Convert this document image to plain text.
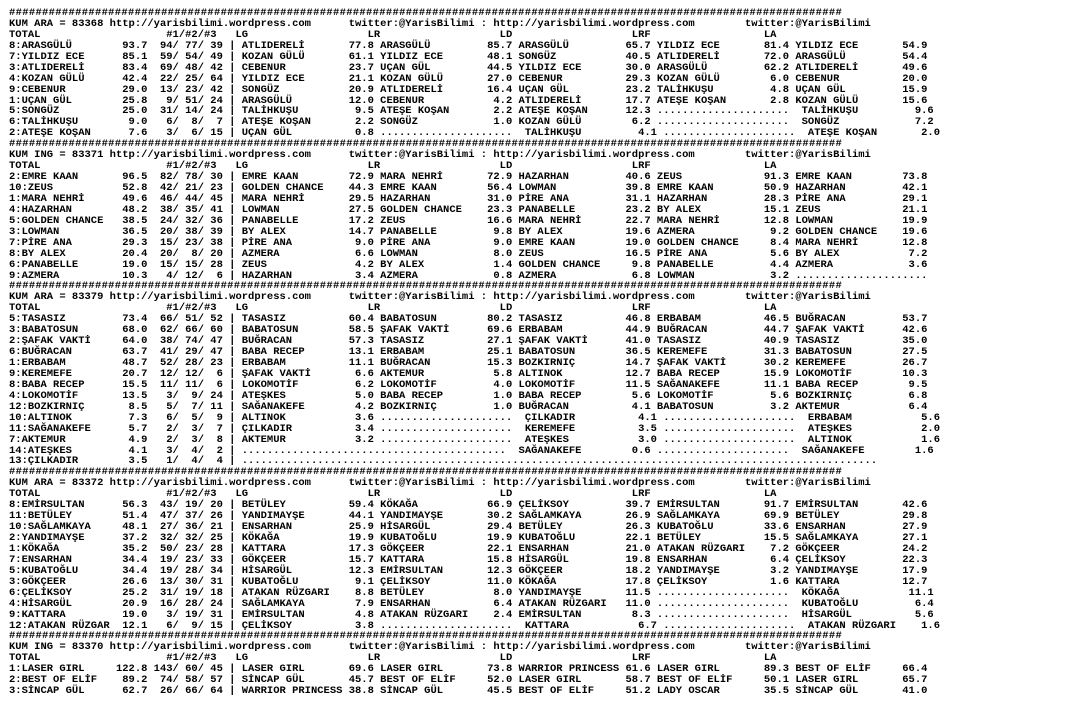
##############################################################################################################################
KUM ARA = 83368 http://yarisbilimi.wordpress.com      twitter:@YarisBilimi : http://yarisbilimi.wordpress.com        twitter:@YarisBilimi
TOTAL                    #1/#2/#3   LG                   LR                   LD                   LRF                  LA
8:ARASGÜLÜ        93.7  94/ 77/ 39 | ATLIDERELİ       77.8 ARASGÜLÜ         85.7 ARASGÜLÜ         65.7 YILDIZ ECE       81.4 YILDIZ ECE       54.9
7:YILDIZ ECE      85.1  59/ 54/ 49 | KOZAN GÜLÜ       61.1 YILDIZ ECE       48.1 SONGÜZ           40.5 ATLIDERELİ       72.0 ARASGÜLÜ         54.4
3:ATLIDERELİ      83.4  69/ 48/ 42 | CEBENUR          23.7 UÇAN GÜL         44.5 YILDIZ ECE       30.0 ARASGÜLÜ         62.2 ATLIDERELİ       49.6
4:KOZAN GÜLÜ      42.4  22/ 25/ 64 | YILDIZ ECE       21.1 KOZAN GÜLÜ       27.0 CEBENUR          29.3 KOZAN GÜLÜ        6.0 CEBENUR          20.0
9:CEBENUR         29.0  13/ 23/ 42 | SONGÜZ           20.9 ATLIDERELİ       16.4 UÇAN GÜL         23.2 TALİHKUŞU         4.8 UÇAN GÜL         15.9
1:UÇAN GÜL        25.8   9/ 51/ 24 | ARASGÜLÜ         12.0 CEBENUR           4.2 ATLIDERELİ       17.7 ATEŞE KOŞAN       2.8 KOZAN GÜLÜ       15.6
5:SONGÜZ          25.0  31/ 14/ 24 | TALİHKUŞU         9.5 ATEŞE KOŞAN       2.2 ATEŞE KOŞAN      12.3 .....................  TALİHKUŞU         9.6
6:TALİHKUŞU        9.0   6/  8/  7 | ATEŞE KOŞAN       2.2 SONGÜZ            1.0 KOZAN GÜLÜ        6.2 .....................  SONGÜZ            7.2
2:ATEŞE KOŞAN      7.6   3/  6/ 15 | UÇAN GÜL          0.8 .....................  TALİHKUŞU         4.1 .....................  ATEŞE KOŞAN       2.0
##############################################################################################################################
KUM ING = 83371 http://yarisbilimi.wordpress.com      twitter:@YarisBilimi : http://yarisbilimi.wordpress.com        twitter:@YarisBilimi
TOTAL                    #1/#2/#3   LG                   LR                   LD                   LRF                  LA
2:EMRE KAAN       96.5  82/ 78/ 30 | EMRE KAAN        72.9 MARA NEHRİ       72.9 HAZARHAN         40.6 ZEUS             91.3 EMRE KAAN        73.8
10:ZEUS           52.8  42/ 21/ 23 | GOLDEN CHANCE    44.3 EMRE KAAN        56.4 LOWMAN           39.8 EMRE KAAN        50.9 HAZARHAN         42.1
1:MARA NEHRİ      49.6  46/ 44/ 45 | MARA NEHRİ       29.5 HAZARHAN         31.0 PİRE ANA         31.1 HAZARHAN         28.3 PİRE ANA         29.1
4:HAZARHAN        48.2  38/ 35/ 41 | LOWMAN           27.5 GOLDEN CHANCE    23.3 PANABELLE        23.2 BY ALEX          15.1 ZEUS             21.1
5:GOLDEN CHANCE   38.5  24/ 32/ 36 | PANABELLE        17.2 ZEUS             16.6 MARA NEHRİ       22.7 MARA NEHRİ       12.8 LOWMAN           19.9
3:LOWMAN          36.5  20/ 38/ 39 | BY ALEX          14.7 PANABELLE         9.8 BY ALEX          19.6 AZMERA            9.2 GOLDEN CHANCE    19.6
7:PİRE ANA        29.3  15/ 23/ 38 | PİRE ANA          9.0 PİRE ANA          9.0 EMRE KAAN        19.0 GOLDEN CHANCE     8.4 MARA NEHRİ       12.8
8:BY ALEX         20.4  20/  8/ 20 | AZMERA            6.6 LOWMAN            8.0 ZEUS             16.5 PİRE ANA          5.6 BY ALEX           7.2
6:PANABELLE       19.0  15/ 15/ 28 | ZEUS              4.2 BY ALEX           1.4 GOLDEN CHANCE     9.8 PANABELLE         4.4 AZMERA            3.6
9:AZMERA          10.3   4/ 12/  6 | HAZARHAN          3.4 AZMERA            0.8 AZMERA            6.8 LOWMAN            3.2 .....................
##############################################################################################################################
KUM ARA = 83379 http://yarisbilimi.wordpress.com      twitter:@YarisBilimi : http://yarisbilimi.wordpress.com        twitter:@YarisBilimi
TOTAL                    #1/#2/#3   LG                   LR                   LD                   LRF                  LA
5:TASASIZ         73.4  66/ 51/ 52 | TASASIZ          60.4 BABATOSUN        80.2 TASASIZ          46.8 ERBABAM          46.5 BUĞRACAN         53.7
3:BABATOSUN       68.0  62/ 66/ 60 | BABATOSUN        58.5 ŞAFAK VAKTİ      69.6 ERBABAM          44.9 BUĞRACAN         44.7 ŞAFAK VAKTİ      42.6
2:ŞAFAK VAKTİ     64.0  38/ 74/ 47 | BUĞRACAN         57.3 TASASIZ          27.1 ŞAFAK VAKTİ      41.0 TASASIZ          40.9 TASASIZ          35.0
6:BUĞRACAN        63.7  41/ 29/ 47 | BABA RECEP       13.1 ERBABAM          25.1 BABATOSUN        36.5 KEREMEFE         31.3 BABATOSUN        27.5
1:ERBABAM         48.7  52/ 28/ 23 | ERBABAM          11.1 BUĞRACAN         15.3 BOZKIRNIÇ        14.7 ŞAFAK VAKTİ      30.2 KEREMEFE         26.7
9:KEREMEFE        20.7  12/ 12/  6 | ŞAFAK VAKTİ       6.6 AKTEMUR           5.8 ALTINOK          12.7 BABA RECEP       15.9 LOKOMOTİF        10.3
8:BABA RECEP      15.5  11/ 11/  6 | LOKOMOTİF         6.2 LOKOMOTİF         4.0 LOKOMOTİF        11.5 SAĞANAKEFE       11.1 BABA RECEP        9.5
4:LOKOMOTİF       13.5   3/  9/ 24 | ATEŞKES           5.0 BABA RECEP        1.0 BABA RECEP        5.6 LOKOMOTİF         5.6 BOZKIRNIÇ         6.8
12:BOZKIRNIÇ       8.5   5/  7/ 11 | SAĞANAKEFE        4.2 BOZKIRNIÇ         1.0 BUĞRACAN          4.1 BABATOSUN         3.2 AKTEMUR           6.4
10:ALTINOK         7.3   6/  5/  9 | ALTINOK           3.6 .....................  ÇILKADIR          4.1 .....................  ERBABAM           5.6
11:SAĞANAKEFE      5.7   2/  3/  7 | ÇILKADIR          3.4 .....................  KEREMEFE          3.5 .....................  ATEŞKES           2.0
7:AKTEMUR          4.9   2/  3/  8 | AKTEMUR           3.2 .....................  ATEŞKES           3.0 .....................  ALTINOK           1.6
14:ATEŞKES         4.1   3/  4/  2 | ..........................................  SAĞANAKEFE        0.6 .....................  SAĞANAKEFE        1.6
13:ÇILKADIR        3.5   1/  4/  4 | .....................................................................................................
##############################################################################################################################
KUM ARA = 83372 http://yarisbilimi.wordpress.com      twitter:@YarisBilimi : http://yarisbilimi.wordpress.com        twitter:@YarisBilimi
TOTAL                    #1/#2/#3   LG                   LR                   LD                   LRF                  LA
8:EMİRSULTAN      56.3  43/ 19/ 20 | BETÜLEY          59.4 KÖKAĞA           66.9 ÇELİKSOY         39.7 EMİRSULTAN       91.7 EMİRSULTAN       42.6
11:BETÜLEY        51.4  47/ 37/ 26 | YANDIMAYŞE       44.1 YANDIMAYŞE       30.2 SAĞLAMKAYA       26.9 SAĞLAMKAYA       69.9 BETÜLEY          29.8
10:SAĞLAMKAYA     48.1  27/ 36/ 21 | ENSARHAN         25.9 HİSARGÜL         29.4 BETÜLEY          26.3 KUBATOĞLU        33.6 ENSARHAN         27.9
2:YANDIMAYŞE      37.2  32/ 32/ 25 | KÖKAĞA           19.9 KUBATOĞLU        19.9 KUBATOĞLU        22.1 BETÜLEY          15.5 SAĞLAMKAYA       27.1
1:KÖKAĞA          35.2  50/ 23/ 28 | KATTARA          17.3 GÖKÇEER          22.1 ENSARHAN         21.0 ATAKAN RÜZGARI    7.2 GÖKÇEER          24.2
7:ENSARHAN        34.4  19/ 23/ 33 | GÖKÇEER          15.7 KATTARA          15.8 HİSARGÜL         19.8 ENSARHAN          6.4 ÇELİKSOY         22.3
5:KUBATOĞLU       34.4  19/ 28/ 34 | HİSARGÜL         12.3 EMİRSULTAN       12.3 GÖKÇEER          18.2 YANDIMAYŞE        3.2 YANDIMAYŞE       17.9
3:GÖKÇEER         26.6  13/ 30/ 31 | KUBATOĞLU         9.1 ÇELİKSOY         11.0 KÖKAĞA           17.8 ÇELİKSOY          1.6 KATTARA          12.7
6:ÇELİKSOY        25.2  31/ 19/ 18 | ATAKAN RÜZGARI    8.8 BETÜLEY           8.0 YANDIMAYŞE       11.5 .....................  KÖKAĞA           11.1
4:HİSARGÜL        20.9  16/ 28/ 24 | SAĞLAMKAYA        7.9 ENSARHAN          6.4 ATAKAN RÜZGARI   11.0 .....................  KUBATOĞLU         6.4
9:KATTARA         19.0   3/ 19/ 31 | EMİRSULTAN        4.8 ATAKAN RÜZGARI    2.4 EMİRSULTAN        8.3 .....................  HİSARGÜL          5.6
12:ATAKAN RÜZGAR  12.1   6/  9/ 15 | ÇELİKSOY          3.8 .....................  KATTARA           6.7 .....................  ATAKAN RÜZGARI    1.6
##############################################################################################################################
KUM ING = 83370 http://yarisbilimi.wordpress.com      twitter:@YarisBilimi : http://yarisbilimi.wordpress.com        twitter:@YarisBilimi
TOTAL                    #1/#2/#3   LG                   LR                   LD                   LRF                  LA
1:LASER GIRL     122.8 143/ 60/ 45 | LASER GIRL       69.6 LASER GIRL       73.8 WARRIOR PRINCESS 61.6 LASER GIRL       89.3 BEST OF ELİF     66.4
2:BEST OF ELİF    89.2  74/ 58/ 57 | SİNCAP GÜL       45.7 BEST OF ELİF     52.0 LASER GIRL       58.7 BEST OF ELİF     50.1 LASER GIRL       65.7
3:SİNCAP GÜL      62.7  26/ 66/ 64 | WARRIOR PRINCESS 38.8 SİNCAP GÜL       45.5 BEST OF ELİF     51.2 LADY OSCAR       35.5 SİNCAP GÜL       41.0
